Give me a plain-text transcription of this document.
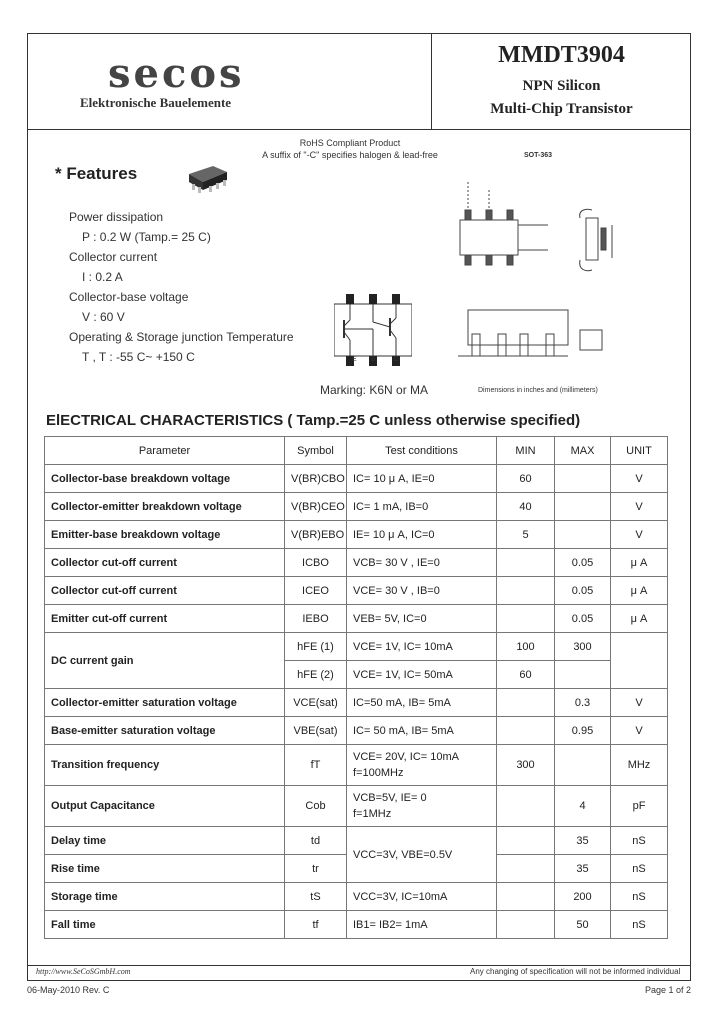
secos
Elektronische Bauelemente
MMDT3904
NPN Silicon
Multi-Chip Transistor
RoHS Compliant Product
A suffix of "-C" specifies halogen & lead-free
* Features
Power dissipation
P : 0.2 W (Tamp.= 25 C)
Collector current
I : 0.2 A
Collector-base voltage
V : 60 V
Operating & Storage junction Temperature
T , T : -55 C~ +150 C	E B	C
Marking: K6N or MA
SOT-363
Dimensions in inches and (millimeters)
ElECTRICAL CHARACTERISTICS ( Tamp.=25 C unless otherwise specified)
Parameter	Symbol	Test conditions	MIN	MAX	UNIT
Collector-base breakdown voltage	V(BR)CBO	IC= 10 μ A, IE=0	60		V
Collector-emitter breakdown voltage	V(BR)CEO	IC= 1 mA, IB=0	40		V
Emitter-base breakdown voltage	V(BR)EBO	IE= 10 μ A, IC=0	5		V
Collector cut-off current	ICBO	VCB= 30 V , IE=0		0.05	μ A
Collector cut-off current	ICEO	VCE= 30 V , IB=0		0.05	μ A
Emitter cut-off current	IEBO	VEB= 5V, IC=0		0.05	μ A
DC current gain	hFE (1)	VCE= 1V, IC= 10mA	100	300	
	hFE (2)	VCE= 1V, IC= 50mA	60		
Collector-emitter saturation voltage	VCE(sat)	IC=50 mA, IB= 5mA		0.3	V
Base-emitter saturation voltage	VBE(sat)	IC= 50 mA, IB= 5mA		0.95	V
Transition frequency	fT	VCE= 20V, IC= 10mA
f=100MHz	300		MHz
Output Capacitance	Cob	VCB=5V, IE= 0
f=1MHz		4	pF
Delay time	td	VCC=3V, VBE=0.5V		35	nS
Rise time	tr			35	nS
Storage time	tS	VCC=3V, IC=10mA		200	nS
Fall time	tf	IB1= IB2= 1mA		50	nS
http://www.SeCoSGmbH.com	Any changing of specification will not be informed individual
06-May-2010 Rev. C	Page 1 of 2
